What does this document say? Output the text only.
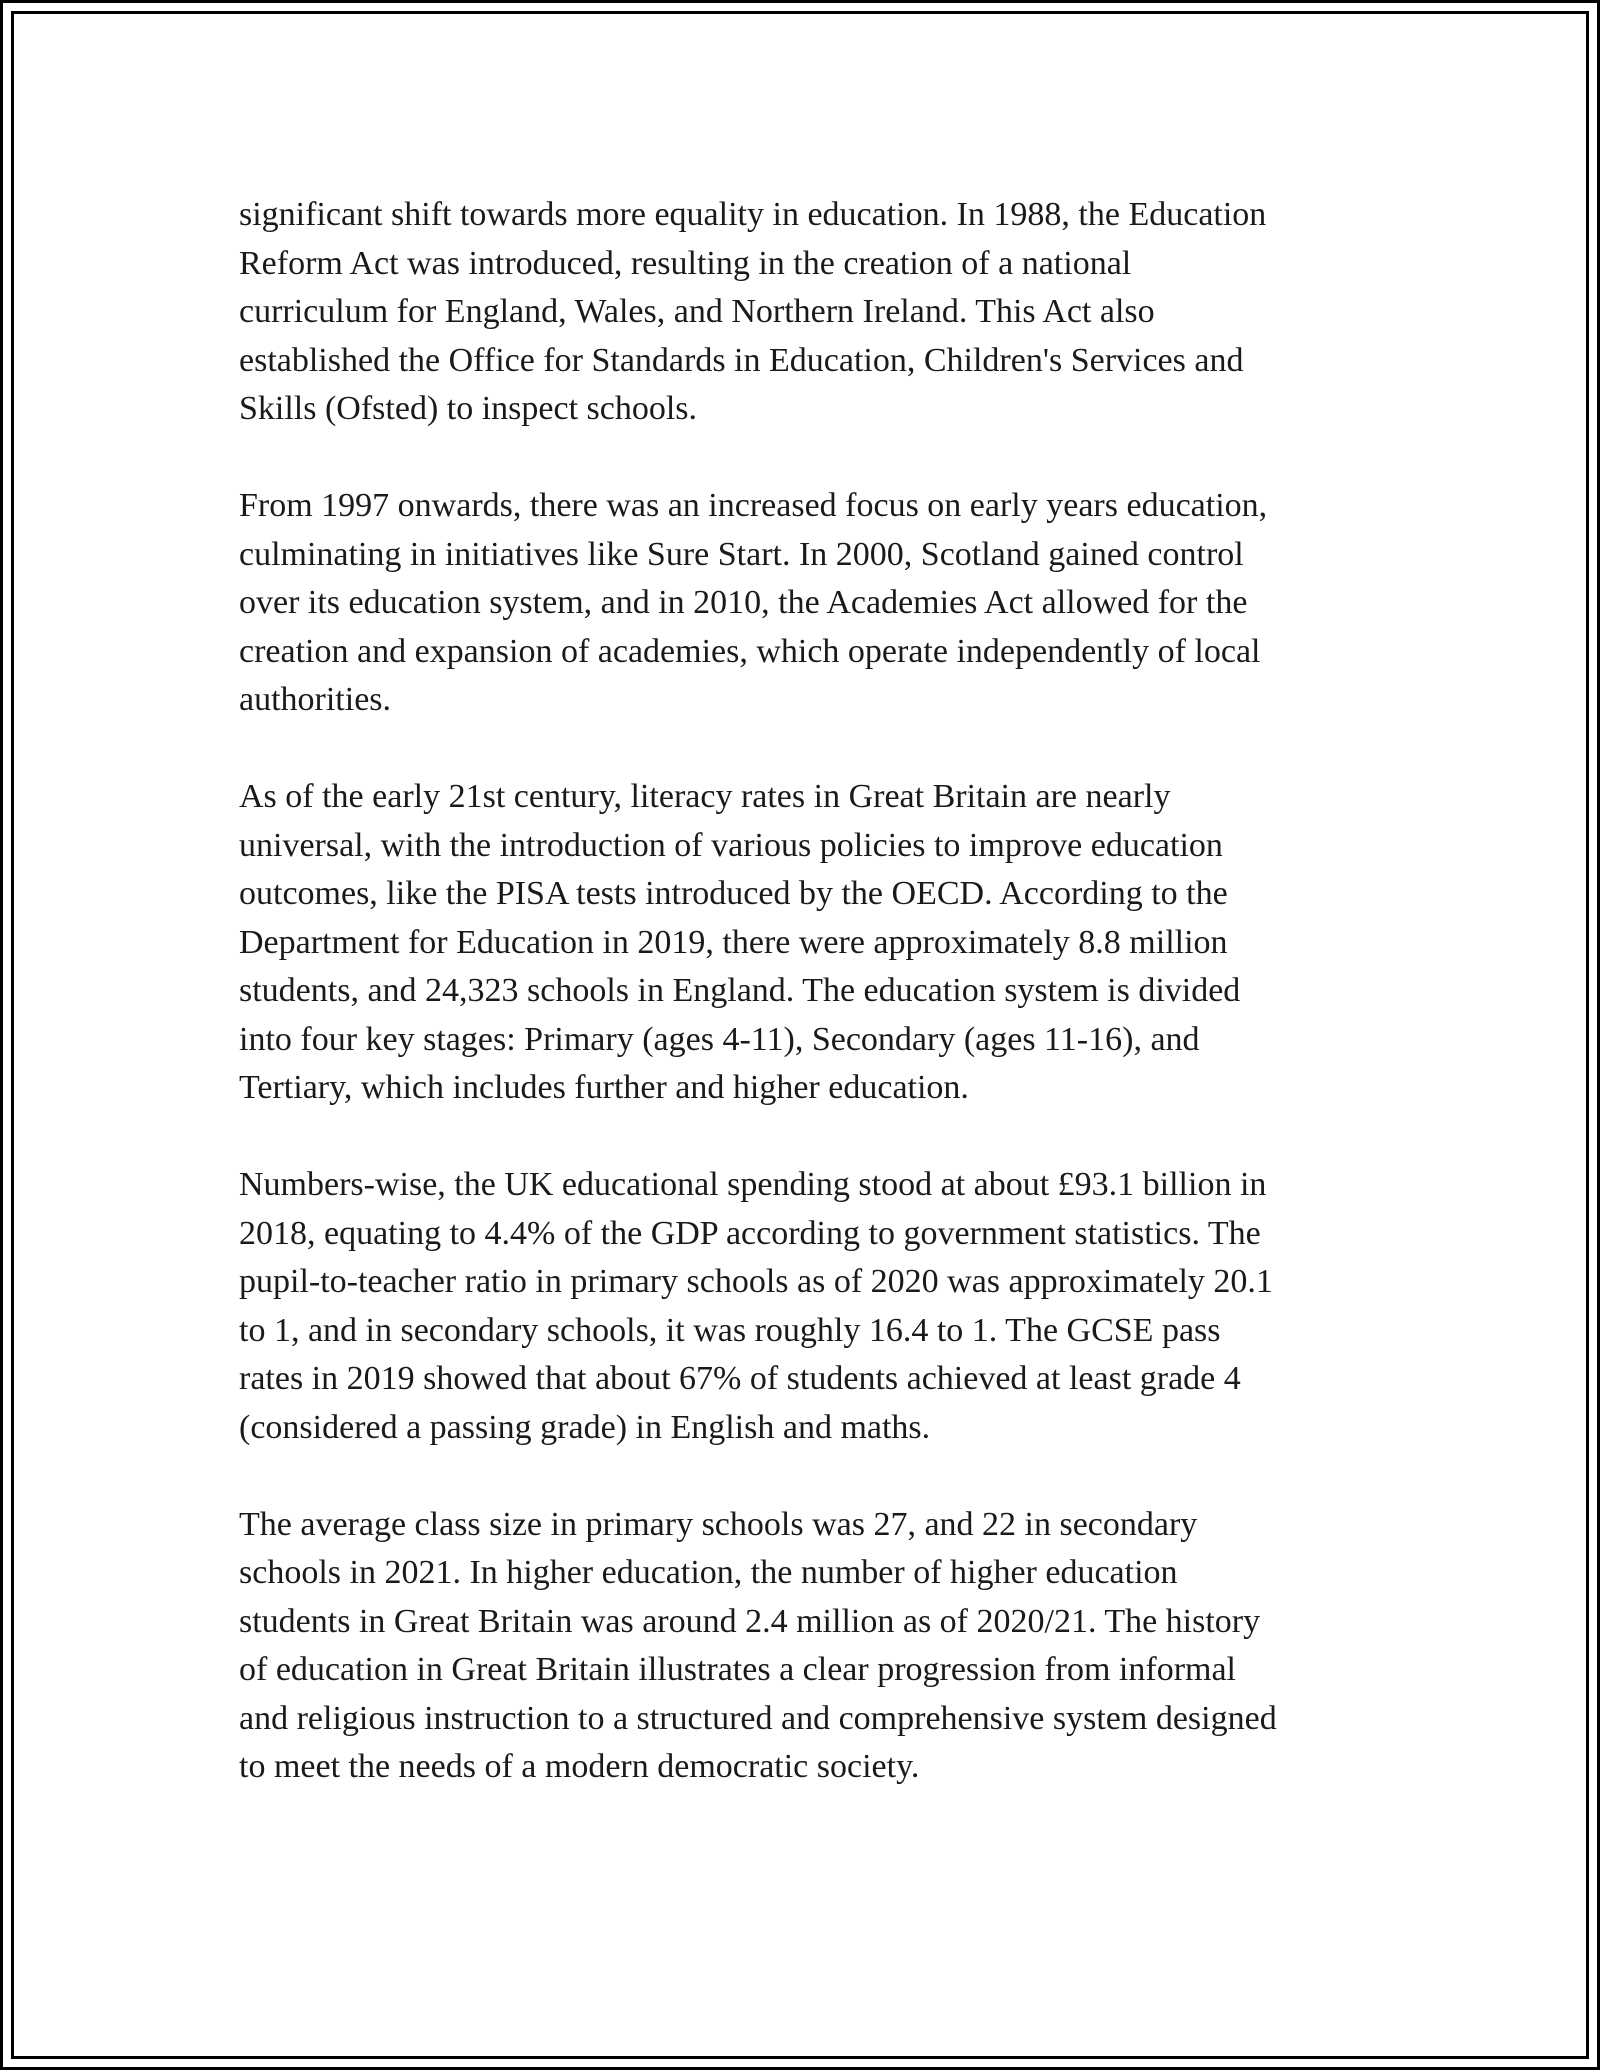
significant shift towards more equality in education. In 1988, the Education
Reform Act was introduced, resulting in the creation of a national
curriculum for England, Wales, and Northern Ireland. This Act also
established the Office for Standards in Education, Children's Services and
Skills (Ofsted) to inspect schools.

From 1997 onwards, there was an increased focus on early years education,
culminating in initiatives like Sure Start. In 2000, Scotland gained control
over its education system, and in 2010, the Academies Act allowed for the
creation and expansion of academies, which operate independently of local
authorities.

As of the early 21st century, literacy rates in Great Britain are nearly
universal, with the introduction of various policies to improve education
outcomes, like the PISA tests introduced by the OECD. According to the
Department for Education in 2019, there were approximately 8.8 million
students, and 24,323 schools in England. The education system is divided
into four key stages: Primary (ages 4-11), Secondary (ages 11-16), and
Tertiary, which includes further and higher education.

Numbers-wise, the UK educational spending stood at about £93.1 billion in
2018, equating to 4.4% of the GDP according to government statistics. The
pupil-to-teacher ratio in primary schools as of 2020 was approximately 20.1
to 1, and in secondary schools, it was roughly 16.4 to 1. The GCSE pass
rates in 2019 showed that about 67% of students achieved at least grade 4
(considered a passing grade) in English and maths.

The average class size in primary schools was 27, and 22 in secondary
schools in 2021. In higher education, the number of higher education
students in Great Britain was around 2.4 million as of 2020/21. The history
of education in Great Britain illustrates a clear progression from informal
and religious instruction to a structured and comprehensive system designed
to meet the needs of a modern democratic society.
